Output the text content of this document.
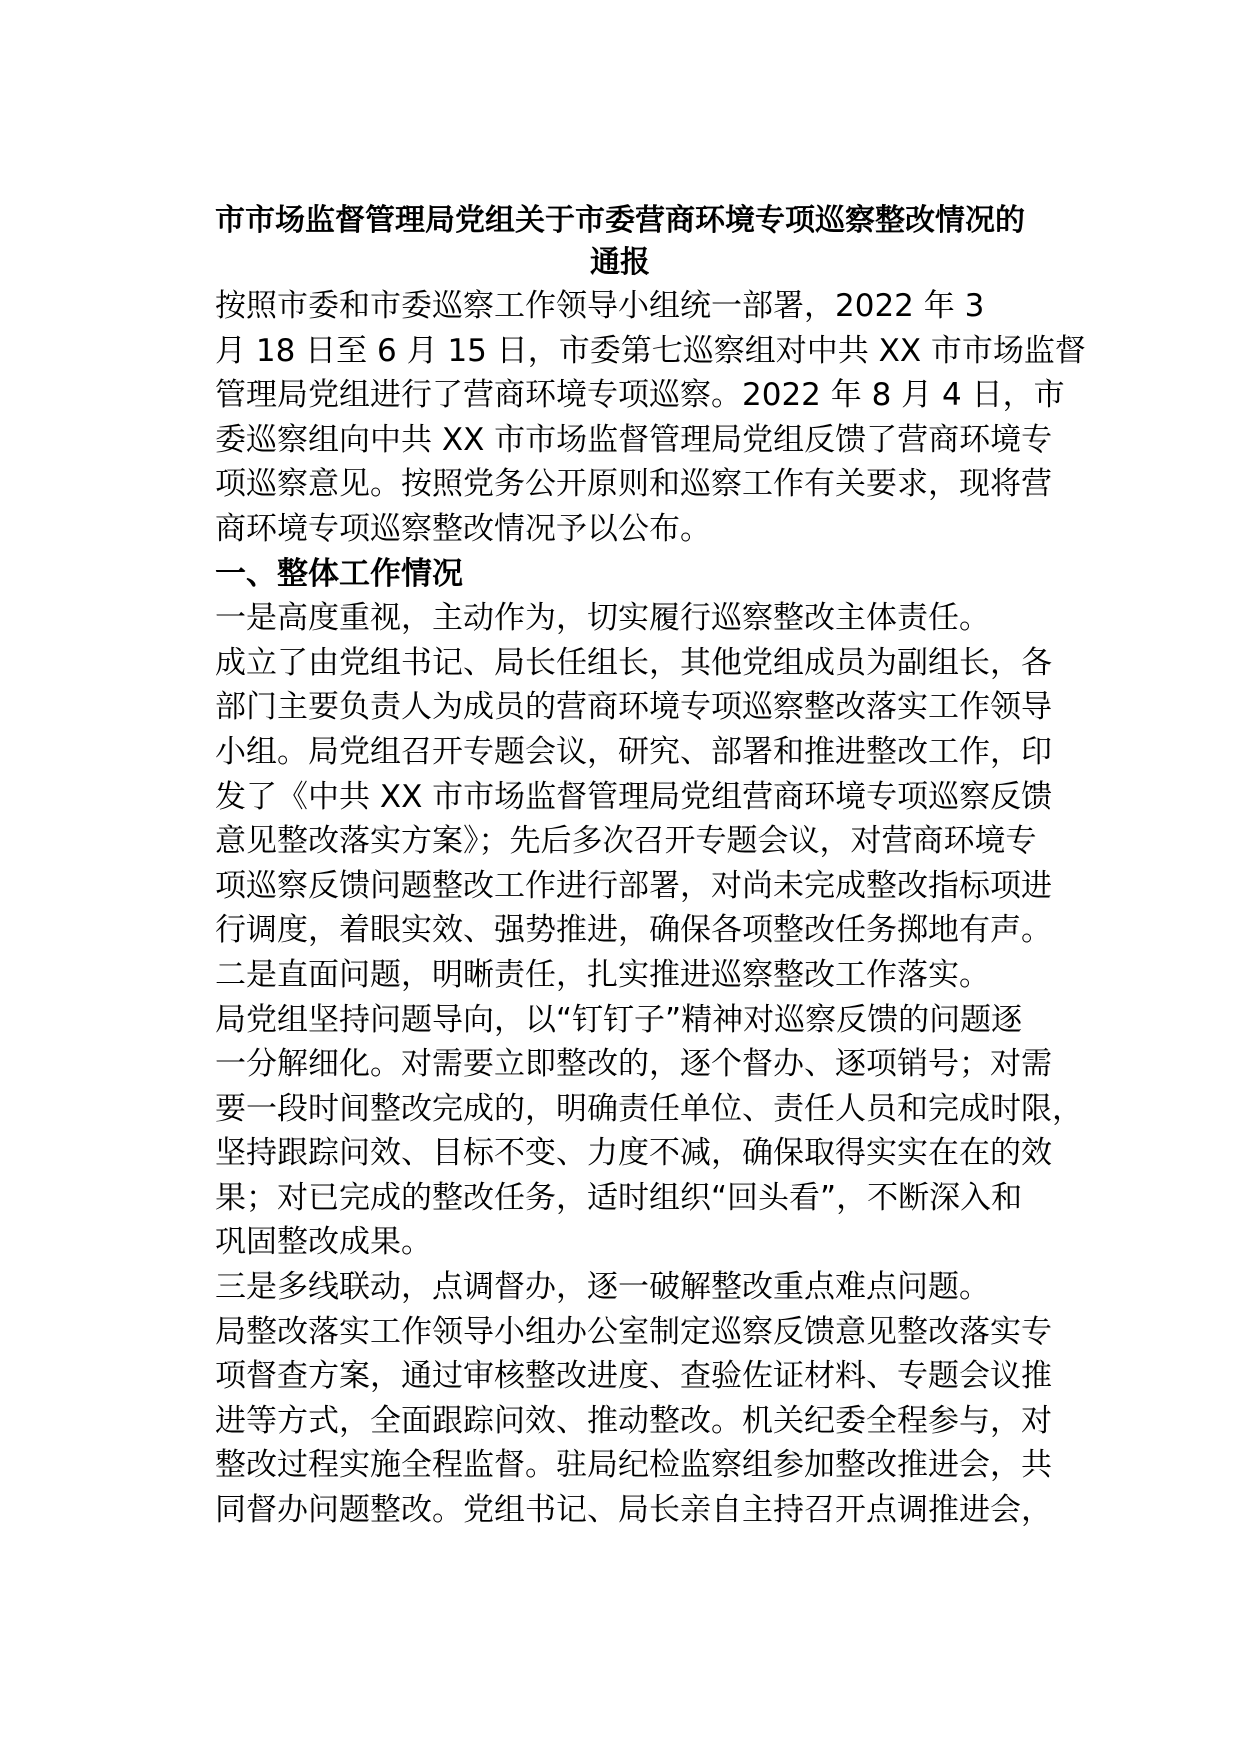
市市场监督管理局党组关于市委营商环境专项巡察整改情况的
通报

按照市委和市委巡察工作领导小组统一部署，2022 年 3
月 18 日至 6 月 15 日，市委第七巡察组对中共 XX 市市场监督
管理局党组进行了营商环境专项巡察。2022 年 8 月 4 日，市
委巡察组向中共 XX 市市场监督管理局党组反馈了营商环境专
项巡察意见。按照党务公开原则和巡察工作有关要求，现将营
商环境专项巡察整改情况予以公布。

一、整体工作情况

一是高度重视，主动作为，切实履行巡察整改主体责任。
成立了由党组书记、局长任组长，其他党组成员为副组长，各
部门主要负责人为成员的营商环境专项巡察整改落实工作领导
小组。局党组召开专题会议，研究、部署和推进整改工作，印
发了《中共 XX 市市场监督管理局党组营商环境专项巡察反馈
意见整改落实方案》；先后多次召开专题会议，对营商环境专
项巡察反馈问题整改工作进行部署，对尚未完成整改指标项进
行调度，着眼实效、强势推进，确保各项整改任务掷地有声。

二是直面问题，明晰责任，扎实推进巡察整改工作落实。
局党组坚持问题导向，以“钉钉子”精神对巡察反馈的问题逐
一分解细化。对需要立即整改的，逐个督办、逐项销号；对需
要一段时间整改完成的，明确责任单位、责任人员和完成时限，
坚持跟踪问效、目标不变、力度不减，确保取得实实在在的效
果；对已完成的整改任务，适时组织“回头看”，不断深入和
巩固整改成果。

三是多线联动，点调督办，逐一破解整改重点难点问题。
局整改落实工作领导小组办公室制定巡察反馈意见整改落实专
项督查方案，通过审核整改进度、查验佐证材料、专题会议推
进等方式，全面跟踪问效、推动整改。机关纪委全程参与，对
整改过程实施全程监督。驻局纪检监察组参加整改推进会，共
同督办问题整改。党组书记、局长亲自主持召开点调推进会，
